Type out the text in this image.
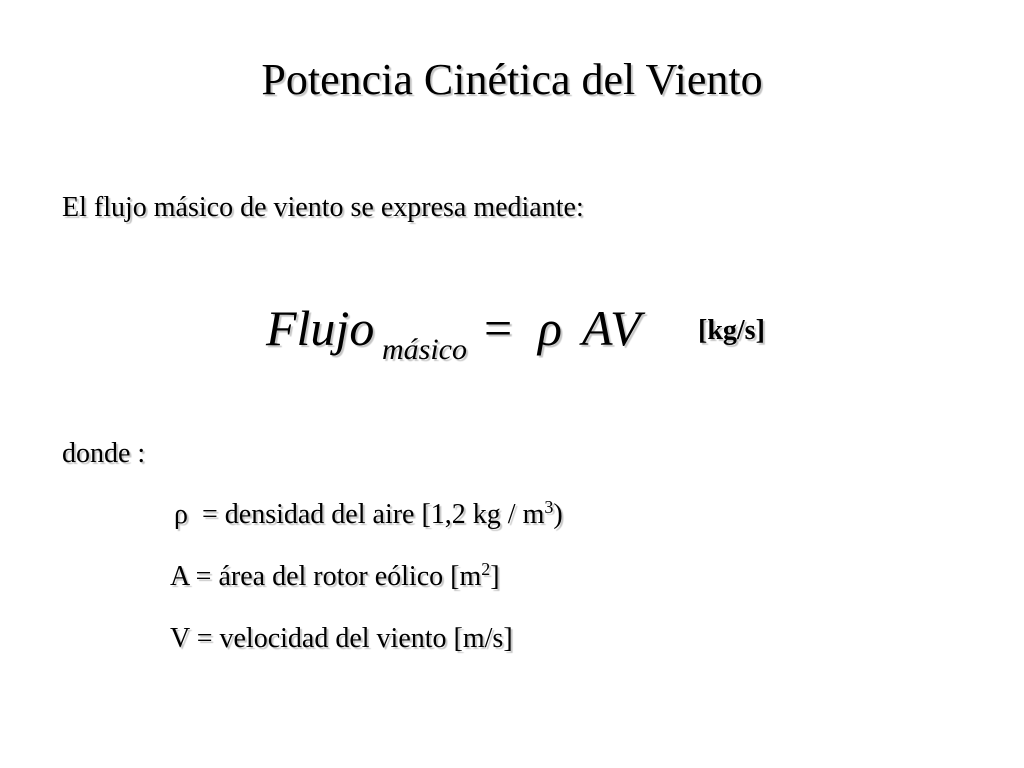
Potencia Cinética del Viento
El flujo másico de viento se expresa mediante:
Flujo másico = ρ AV [kg/s]
donde :
ρ = densidad del aire [1,2 kg / $m^3$)
A = área del rotor eólico $[m^2]$
V = velocidad del viento [m/s]
